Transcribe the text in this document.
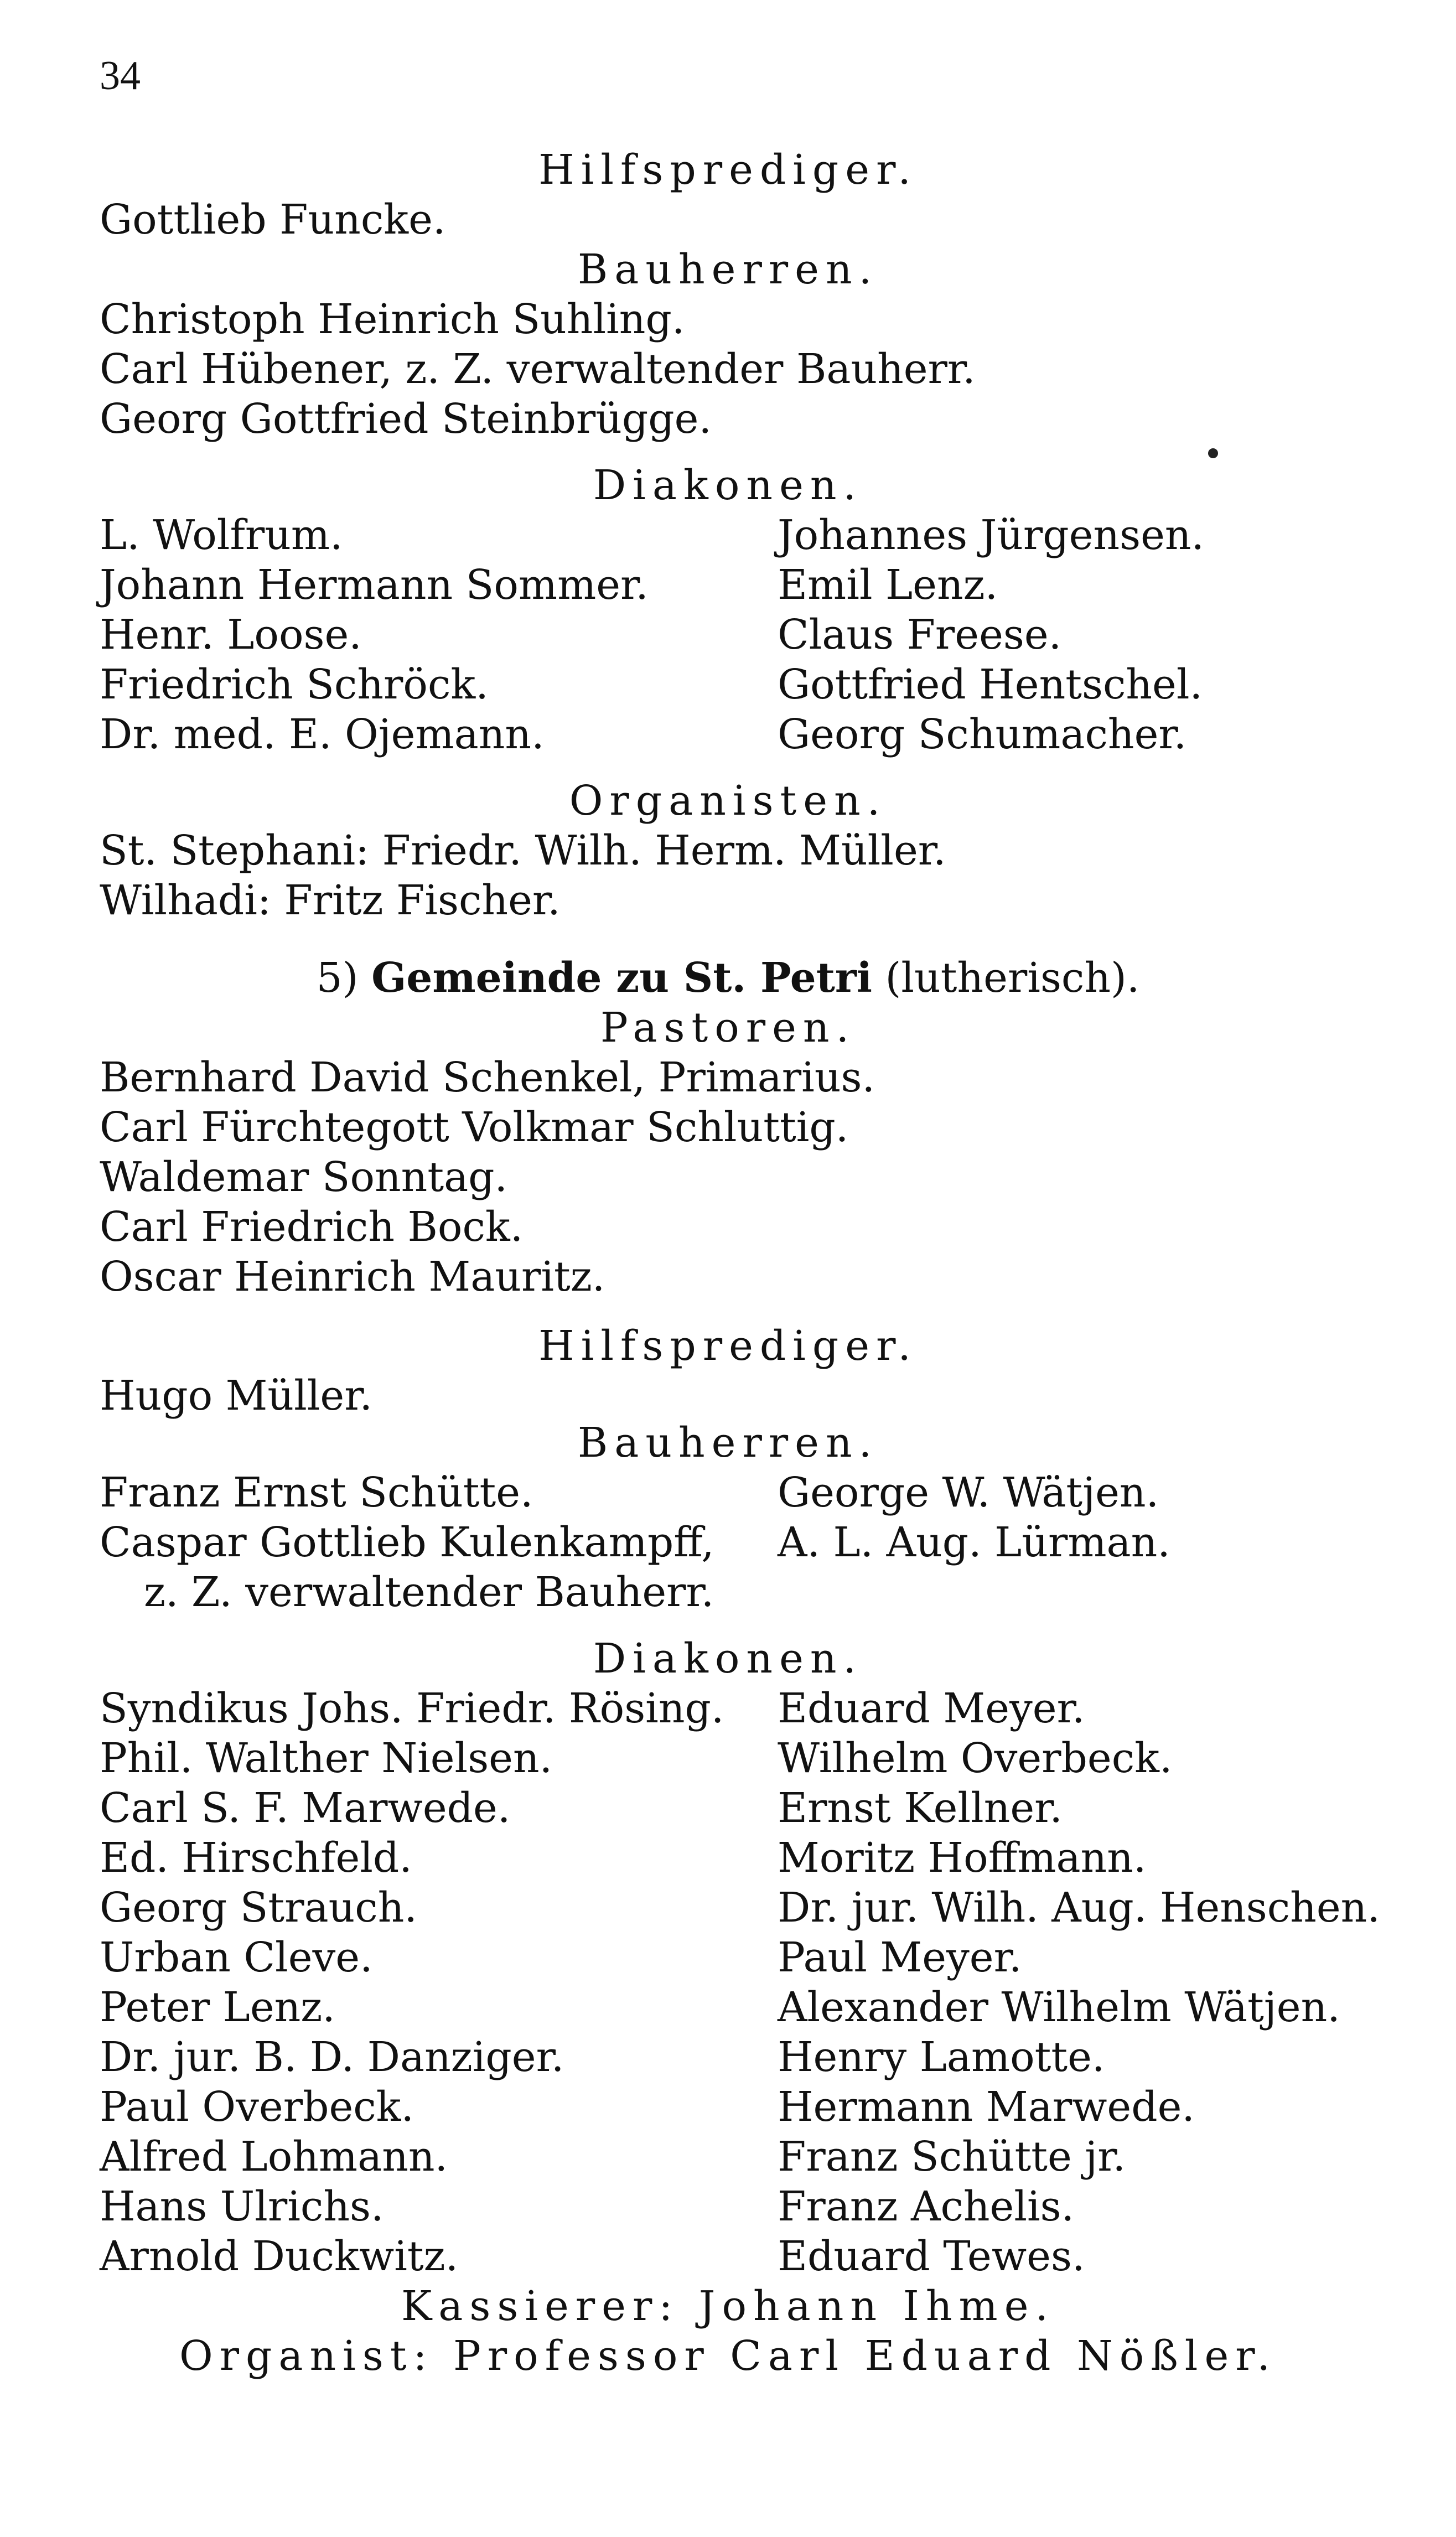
34
Hilfsprediger.
Gottlieb Funcke.
Bauherren.
Christoph Heinrich Suhling.
Carl Hübener, z. Z. verwaltender Bauherr.
Georg Gottfried Steinbrügge.
Diakonen.
L. Wolfrum.
Johann Hermann Sommer.
Henr. Loose.
Friedrich Schröck.
Dr. med. E. Ojemann.
Johannes Jürgensen.
Emil Lenz.
Claus Freese.
Gottfried Hentschel.
Georg Schumacher.
Organisten.
St. Stephani: Friedr. Wilh. Herm. Müller.
Wilhadi: Fritz Fischer.
5) Gemeinde zu St. Petri (lutherisch).
Pastoren.
Bernhard David Schenkel, Primarius.
Carl Fürchtegott Volkmar Schluttig.
Waldemar Sonntag.
Carl Friedrich Bock.
Oscar Heinrich Mauritz.
Hilfsprediger.
Hugo Müller.
Bauherren.
Franz Ernst Schütte.
Caspar Gottlieb Kulenkampff,
z. Z. verwaltender Bauherr.
George W. Wätjen.
A. L. Aug. Lürman.
Diakonen.
Syndikus Johs. Friedr. Rösing.
Phil. Walther Nielsen.
Carl S. F. Marwede.
Ed. Hirschfeld.
Georg Strauch.
Urban Cleve.
Peter Lenz.
Dr. jur. B. D. Danziger.
Paul Overbeck.
Alfred Lohmann.
Hans Ulrichs.
Arnold Duckwitz.
Eduard Meyer.
Wilhelm Overbeck.
Ernst Kellner.
Moritz Hoffmann.
Dr. jur. Wilh. Aug. Henschen.
Paul Meyer.
Alexander Wilhelm Wätjen.
Henry Lamotte.
Hermann Marwede.
Franz Schütte jr.
Franz Achelis.
Eduard Tewes.
Kassierer: Johann Ihme.
Organist: Professor Carl Eduard Nößler.
